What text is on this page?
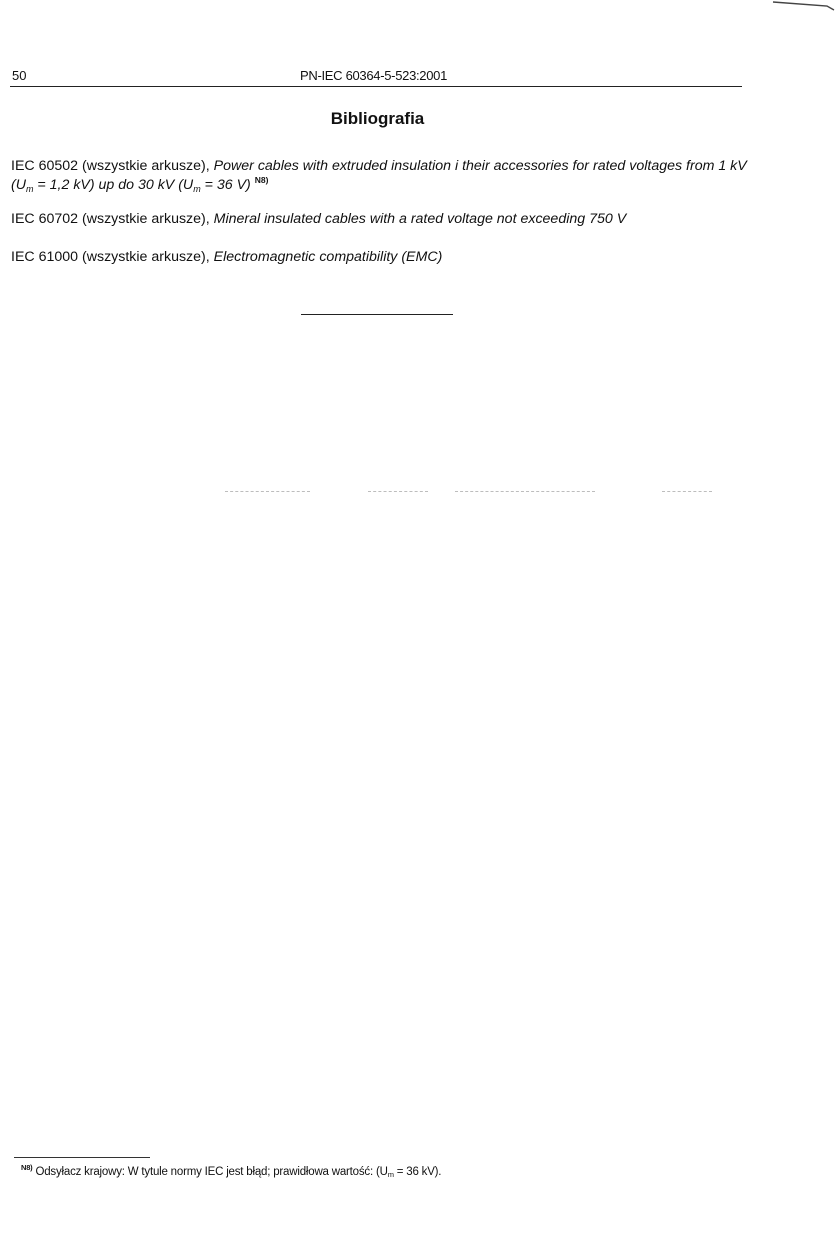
50	PN-IEC 60364-5-523:2001
Bibliografia
IEC 60502 (wszystkie arkusze), Power cables with extruded insulation i their accessories for rated voltages from 1 kV ($U_m = 1,2$ kV) up do 30 kV ($U_m = 36$ V) $^{N8)}$
IEC 60702 (wszystkie arkusze), Mineral insulated cables with a rated voltage not exceeding 750 V
IEC 61000 (wszystkie arkusze), Electromagnetic compatibility (EMC)
$^{N8)}$ Odsyłacz krajowy: W tytule normy IEC jest błąd; prawidłowa wartość: ($U_m = 36$ kV).
